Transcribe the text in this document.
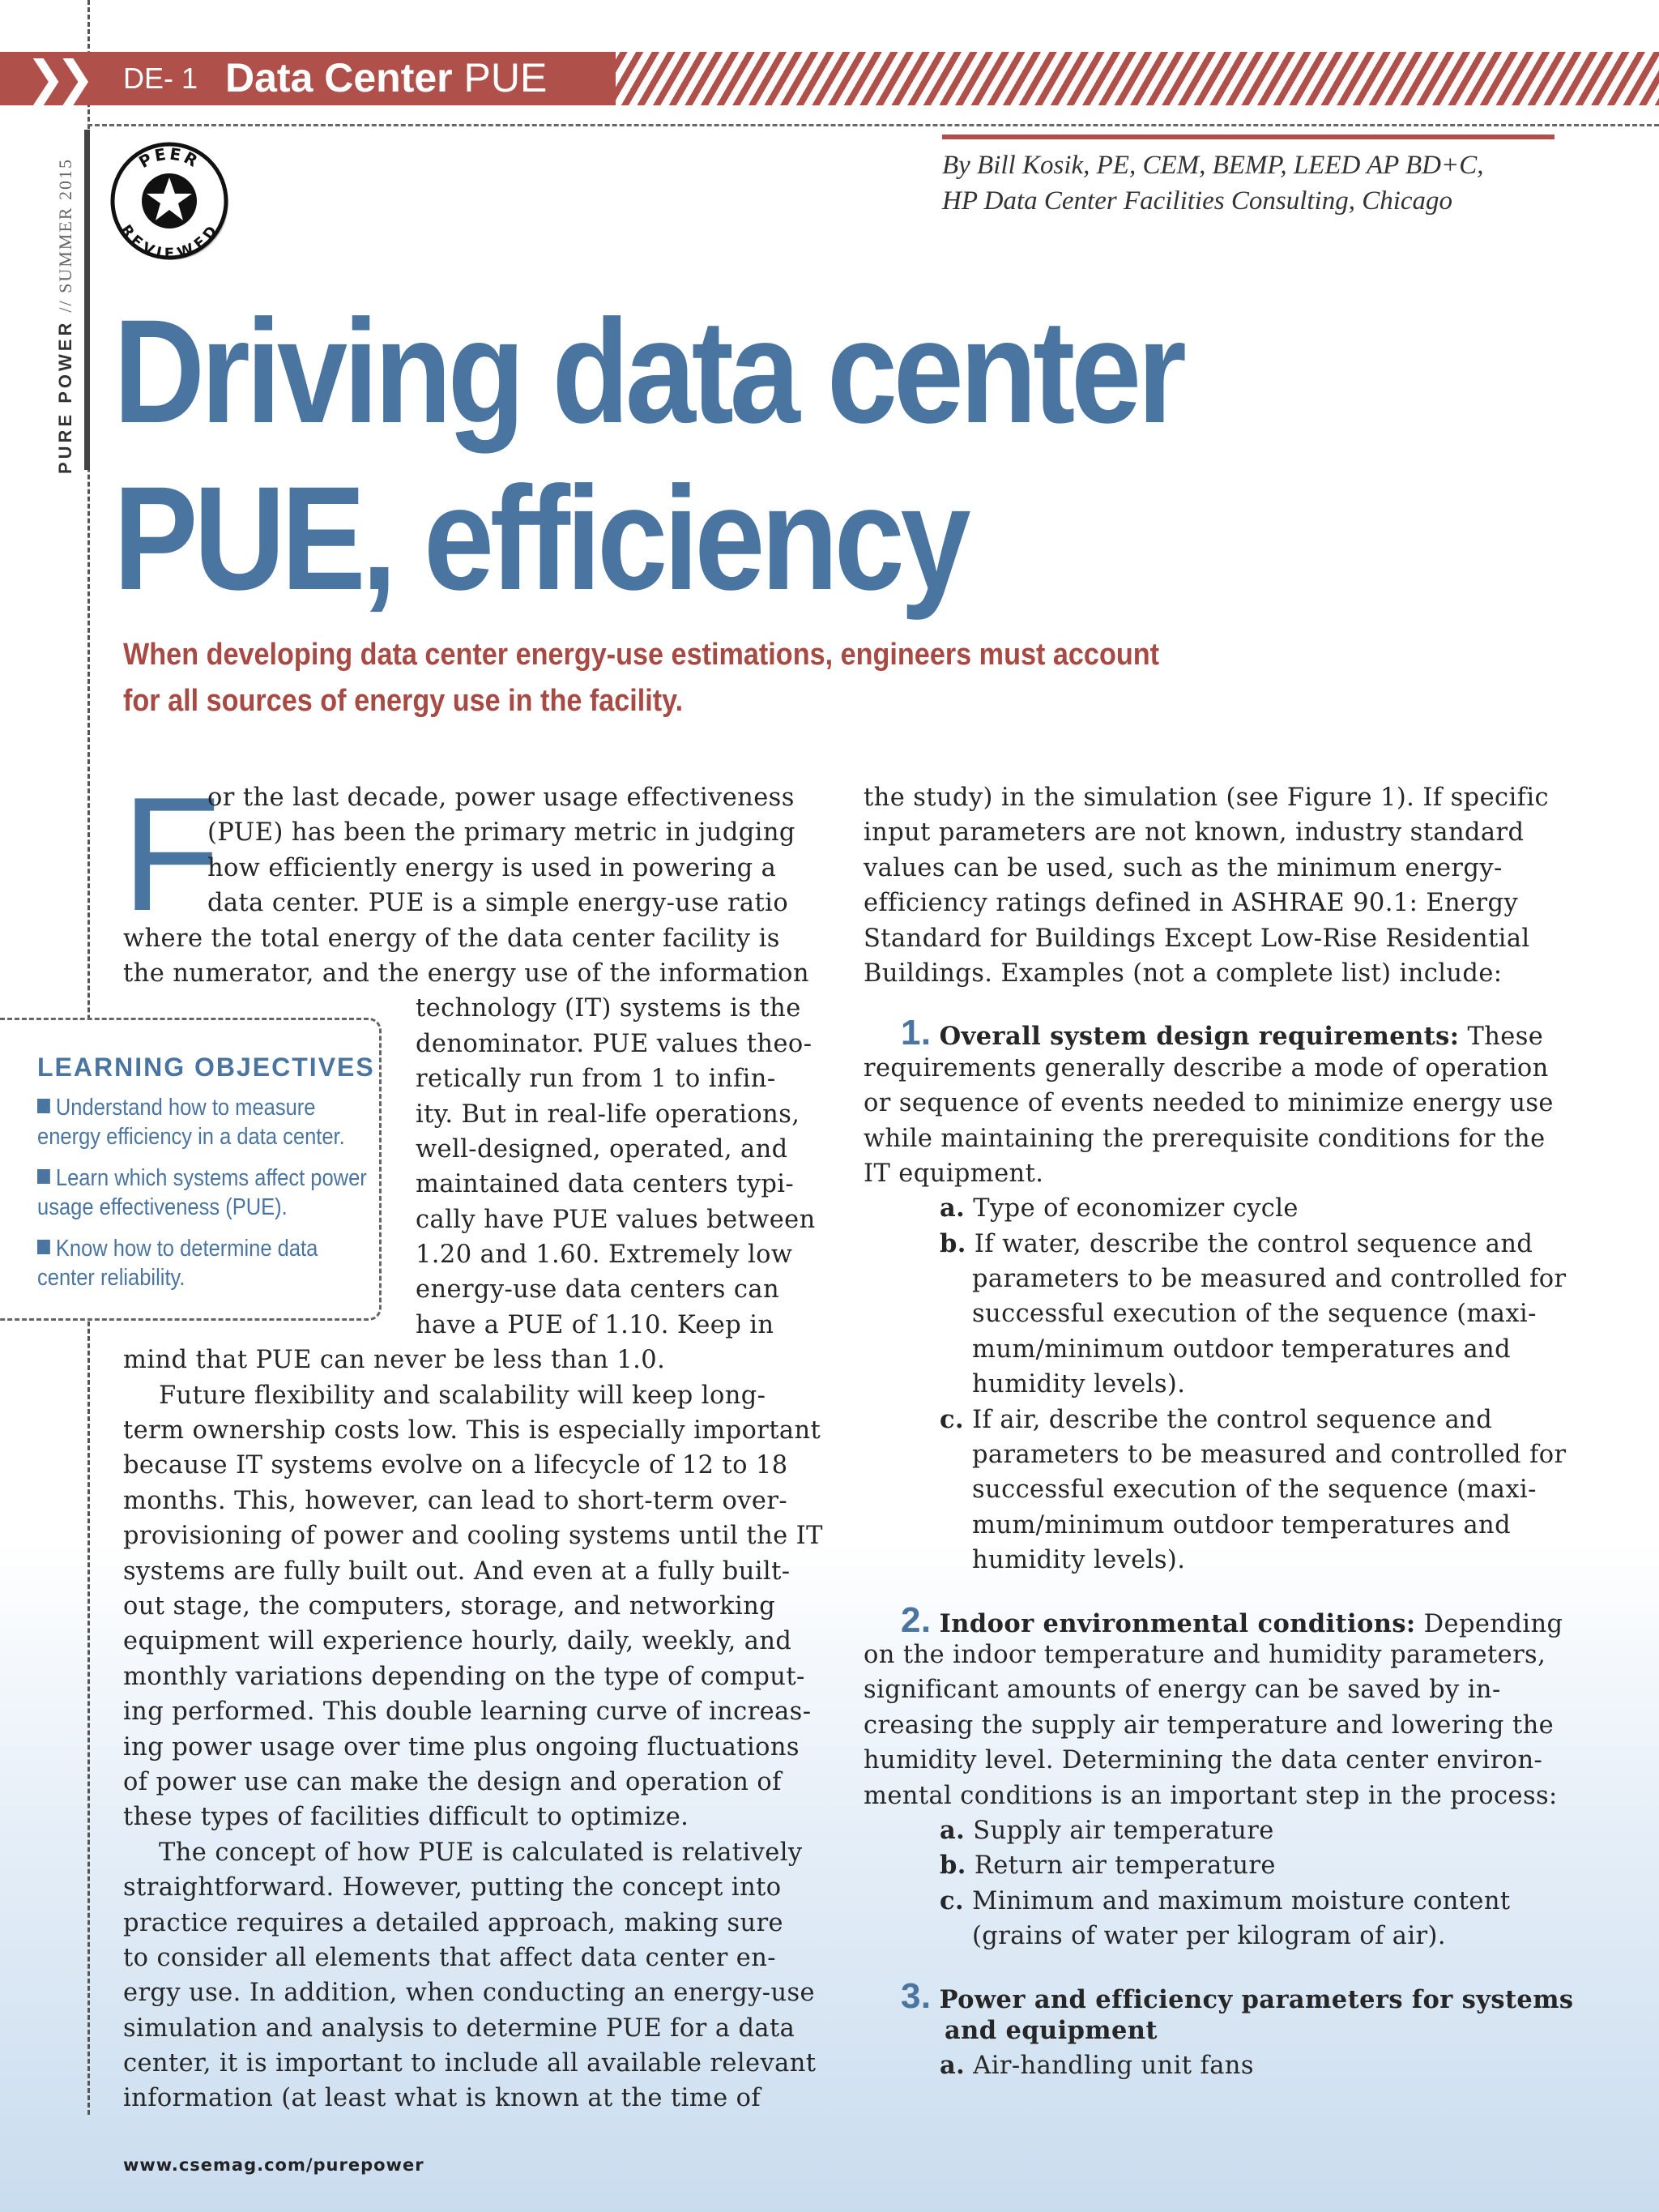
❯❯ DE- 1 Data Center PUE
PURE POWER // SUMMER 2015	PEER
REVIEWED
By Bill Kosik, PE, CEM, BEMP, LEED AP BD+C,
HP Data Center Facilities Consulting, Chicago
Driving data center
PUE, efficiency
When developing data center energy-use estimations, engineers must account
for all sources of energy use in the facility.
F
or the last decade, power usage effectiveness
(PUE) has been the primary metric in judging
how efficiently energy is used in powering a
data center. PUE is a simple energy-use ratio
where the total energy of the data center facility is
the numerator, and the energy use of the information
technology (IT) systems is the
denominator. PUE values theo-
retically run from 1 to infin-
ity. But in real-life operations,
well-designed, operated, and
maintained data centers typi-
cally have PUE values between
1.20 and 1.60. Extremely low
energy-use data centers can
have a PUE of 1.10. Keep in
mind that PUE can never be less than 1.0.
Future flexibility and scalability will keep long-
term ownership costs low. This is especially important
because IT systems evolve on a lifecycle of 12 to 18
months. This, however, can lead to short-term over-
provisioning of power and cooling systems until the IT
systems are fully built out. And even at a fully built-
out stage, the computers, storage, and networking
equipment will experience hourly, daily, weekly, and
monthly variations depending on the type of comput-
ing performed. This double learning curve of increas-
ing power usage over time plus ongoing fluctuations
of power use can make the design and operation of
these types of facilities difficult to optimize.
The concept of how PUE is calculated is relatively
straightforward. However, putting the concept into
practice requires a detailed approach, making sure
to consider all elements that affect data center en-
ergy use. In addition, when conducting an energy-use
simulation and analysis to determine PUE for a data
center, it is important to include all available relevant
information (at least what is known at the time of
LEARNING OBJECTIVES
Understand how to measure energy efficiency in a data center.
Learn which systems affect power usage effectiveness (PUE).
Know how to determine data center reliability.
the study) in the simulation (see Figure 1). If specific
input parameters are not known, industry standard
values can be used, such as the minimum energy-
efficiency ratings defined in ASHRAE 90.1: Energy
Standard for Buildings Except Low-Rise Residential
Buildings. Examples (not a complete list) include:
1. Overall system design requirements: These
requirements generally describe a mode of operation
or sequence of events needed to minimize energy use
while maintaining the prerequisite conditions for the
IT equipment.
a. Type of economizer cycle
b. If water, describe the control sequence and
parameters to be measured and controlled for
successful execution of the sequence (maxi-
mum/minimum outdoor temperatures and
humidity levels).
c. If air, describe the control sequence and
parameters to be measured and controlled for
successful execution of the sequence (maxi-
mum/minimum outdoor temperatures and
humidity levels).
2. Indoor environmental conditions: Depending
on the indoor temperature and humidity parameters,
significant amounts of energy can be saved by in-
creasing the supply air temperature and lowering the
humidity level. Determining the data center environ-
mental conditions is an important step in the process:
a. Supply air temperature
b. Return air temperature
c. Minimum and maximum moisture content
(grains of water per kilogram of air).
3. Power and efficiency parameters for systems
and equipment
a. Air-handling unit fans
www.csemag.com/purepower
